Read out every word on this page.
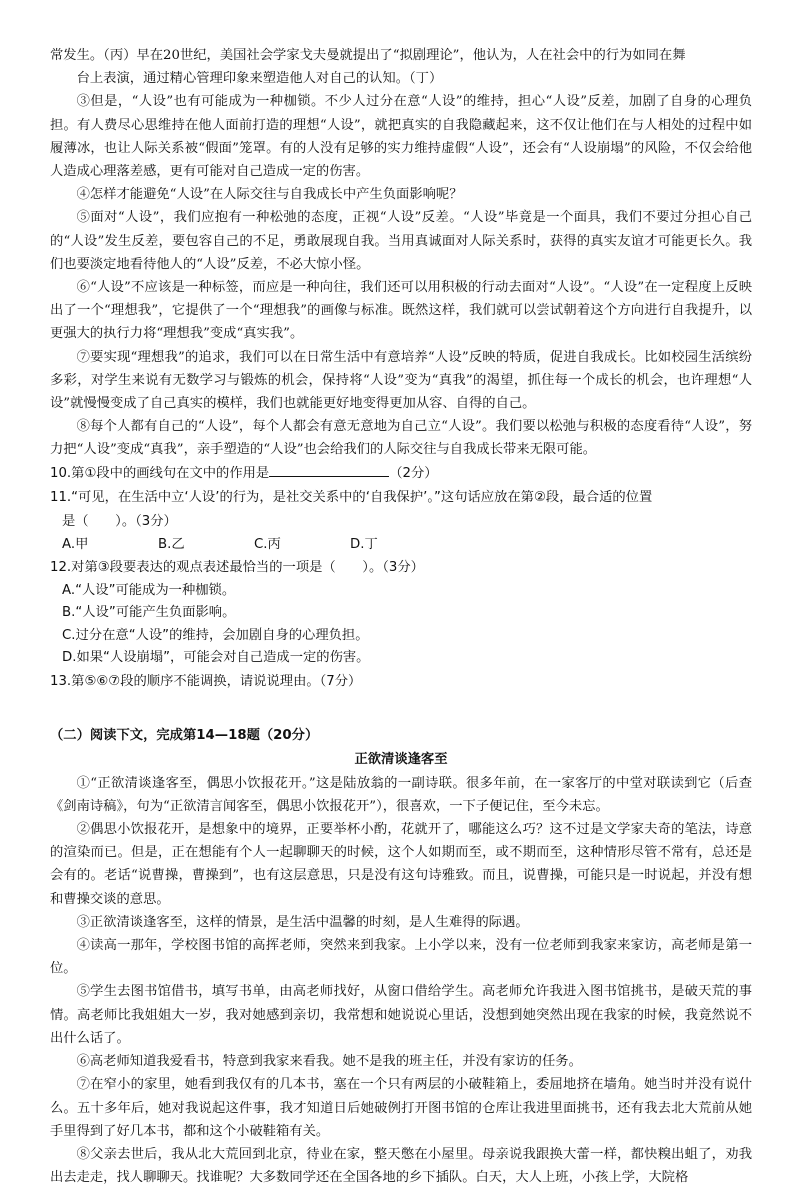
常发生。（丙）早在20世纪，美国社会学家戈夫曼就提出了“拟剧理论”，他认为，人在社会中的行为如同在舞

台上表演，通过精心管理印象来塑造他人对自己的认知。（丁）

③但是，“人设”也有可能成为一种枷锁。不少人过分在意“人设”的维持，担心“人设”反差，加剧了自身的心理负担。有人费尽心思维持在他人面前打造的理想“人设”，就把真实的自我隐藏起来，这不仅让他们在与人相处的过程中如履薄冰，也让人际关系被“假面”笼罩。有的人没有足够的实力维持虚假“人设”，还会有“人设崩塌”的风险，不仅会给他人造成心理落差感，更有可能对自己造成一定的伤害。

④怎样才能避免“人设”在人际交往与自我成长中产生负面影响呢？

⑤面对“人设”，我们应抱有一种松弛的态度，正视“人设”反差。“人设”毕竟是一个面具，我们不要过分担心自己的“人设”发生反差，要包容自己的不足，勇敢展现自我。当用真诚面对人际关系时，获得的真实友谊才可能更长久。我们也要淡定地看待他人的“人设”反差，不必大惊小怪。

⑥“人设”不应该是一种标签，而应是一种向往，我们还可以用积极的行动去面对“人设”。“人设”在一定程度上反映出了一个“理想我”，它提供了一个“理想我”的画像与标准。既然这样，我们就可以尝试朝着这个方向进行自我提升，以更强大的执行力将“理想我”变成“真实我”。

⑦要实现“理想我”的追求，我们可以在日常生活中有意培养“人设”反映的特质，促进自我成长。比如校园生活缤纷多彩，对学生来说有无数学习与锻炼的机会，保持将“人设”变为“真我”的渴望，抓住每一个成长的机会，也许理想“人设”就慢慢变成了自己真实的模样，我们也就能更好地变得更加从容、自得的自己。

⑧每个人都有自己的“人设”，每个人都会有意无意地为自己立“人设”。我们要以松弛与积极的态度看待“人设”，努力把“人设”变成“真我”，亲手塑造的“人设”也会给我们的人际交往与自我成长带来无限可能。

10.第①段中的画线句在文中的作用是	（2分）

11.“可见，在生活中立‘人设’的行为，是社交关系中的‘自我保护’。”这句话应放在第②段，最合适的位置

是（　　）。（3分）

A.甲	B.乙	C.丙	D.丁

12.对第③段要表达的观点表述最恰当的一项是（　　）。（3分）

A.“人设”可能成为一种枷锁。

B.“人设”可能产生负面影响。

C.过分在意“人设”的维持，会加剧自身的心理负担。

D.如果“人设崩塌”，可能会对自己造成一定的伤害。

13.第⑤⑥⑦段的顺序不能调换，请说说理由。（7分）

（二）阅读下文，完成第14—18题（20分）

正欲清谈逢客至

①“正欲清谈逢客至，偶思小饮报花开。”这是陆放翁的一副诗联。很多年前，在一家客厅的中堂对联读到它（后查《剑南诗稿》，句为“正欲清言闻客至，偶思小饮报花开”），很喜欢，一下子便记住，至今未忘。

②偶思小饮报花开，是想象中的境界，正要举杯小酌，花就开了，哪能这么巧？这不过是文学家夫奇的笔法，诗意的渲染而已。但是，正在想能有个人一起聊聊天的时候，这个人如期而至，或不期而至，这种情形尽管不常有，总还是会有的。老话“说曹操，曹操到”，也有这层意思，只是没有这句诗雅致。而且，说曹操，可能只是一时说起，并没有想和曹操交谈的意思。

③正欲清谈逢客至，这样的情景，是生活中温馨的时刻，是人生难得的际遇。

④读高一那年，学校图书馆的高挥老师，突然来到我家。上小学以来，没有一位老师到我家来家访，高老师是第一位。

⑤学生去图书馆借书，填写书单，由高老师找好，从窗口借给学生。高老师允许我进入图书馆挑书，是破天荒的事情。高老师比我姐姐大一岁，我对她感到亲切，我常想和她说说心里话，没想到她突然出现在我家的时候，我竟然说不出什么话了。

⑥高老师知道我爱看书，特意到我家来看我。她不是我的班主任，并没有家访的任务。

⑦在窄小的家里，她看到我仅有的几本书，塞在一个只有两层的小破鞋箱上，委屈地挤在墙角。她当时并没有说什么。五十多年后，她对我说起这件事，我才知道日后她破例打开图书馆的仓库让我进里面挑书，还有我去北大荒前从她手里得到了好几本书，都和这个小破鞋箱有关。

⑧父亲去世后，我从北大荒回到北京，待业在家，整天憋在小屋里。母亲说我跟换大蕾一样，都快糗出蛆了，劝我出去走走，找人聊聊天。找谁呢？大多数同学还在全国各地的乡下插队。白天，大人上班，小孩上学，大院格
